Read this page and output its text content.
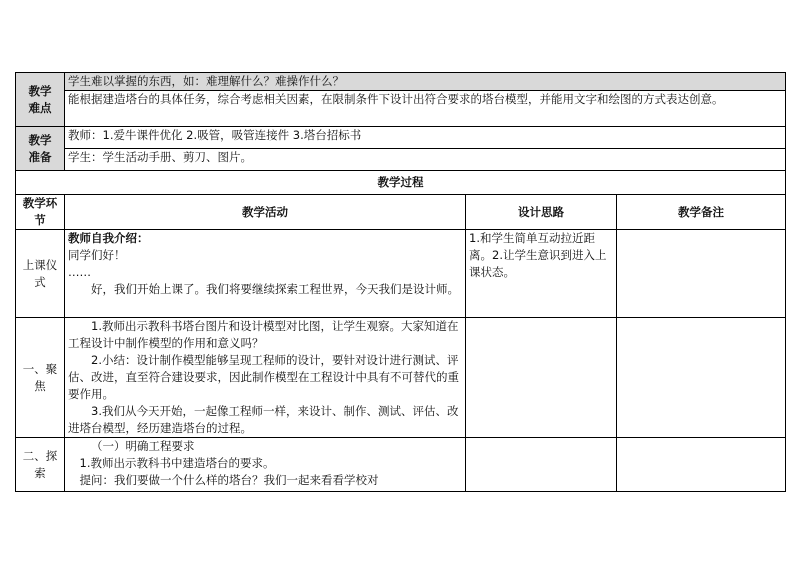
教学
难点	学生难以掌握的东西，如：难理解什么？难操作什么？		
	能根据建造塔台的具体任务，综合考虑相关因素，在限制条件下设计出符合要求的塔台模型，并能用文字和绘图的方式表达创意。		

教学
准备	教师：1.爱牛课件优化 2.吸管，吸管连接件 3.塔台招标书		
	学生：学生活动手册、剪刀、图片。		
教学过程			
教学环节	教学活动	设计思路	教学备注
上课仪式	教师自我介绍：
同学们好！
……
好，我们开始上课了。我们将要继续探索工程世界，今天我们是设计师。	1.和学生简单互动拉近距离。2.让学生意识到进入上课状态。	
一、聚焦	1.教师出示教科书塔台图片和设计模型对比图，让学生观察。大家知道在工程设计中制作模型的作用和意义吗？
2.小结：设计制作模型能够呈现工程师的设计，要针对设计进行测试、评估、改进，直至符合建设要求，因此制作模型在工程设计中具有不可替代的重要作用。
3.我们从今天开始，一起像工程师一样，来设计、制作、测试、评估、改进塔台模型，经历建造塔台的过程。		

二、探索	（一）明确工程要求
1.教师出示教科书中建造塔台的要求。
提问：我们要做一个什么样的塔台？我们一起来看看学校对		
